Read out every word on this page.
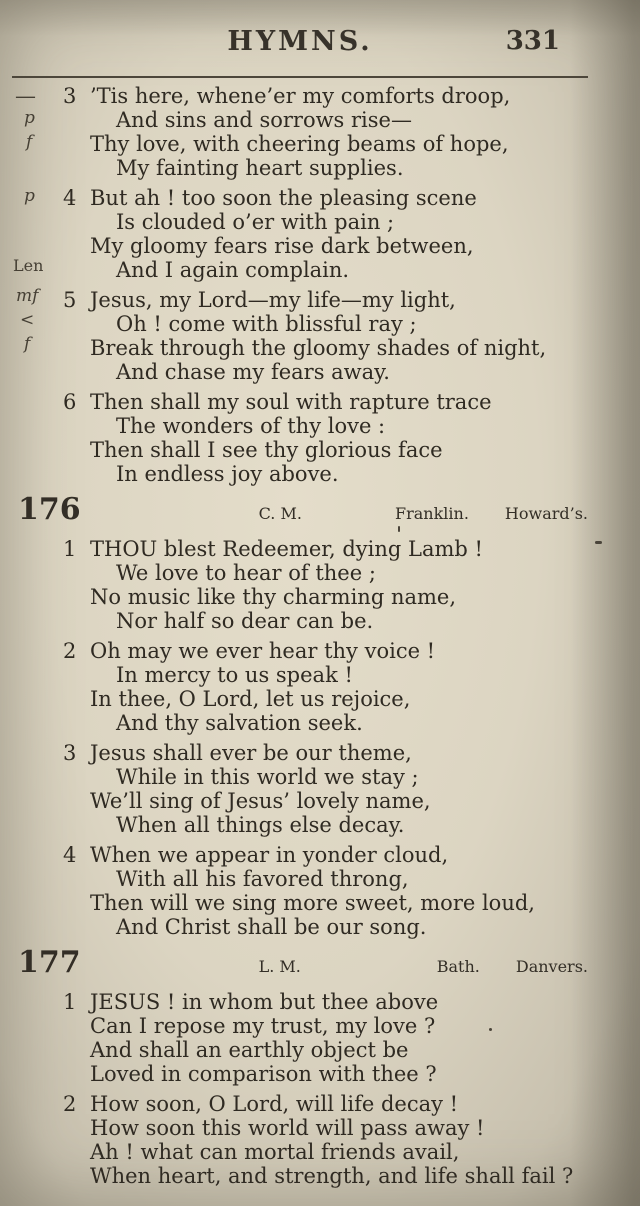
HYMNS.	331
—
p
f
p
Len
mf
<
f
3 ’Tis here, whene’er my comforts droop,
And sins and sorrows rise—
Thy love, with cheering beams of hope,
My fainting heart supplies.
4 But ah ! too soon the pleasing scene
Is clouded o’er with pain ;
My gloomy fears rise dark between,
And I again complain.
5 Jesus, my Lord—my life—my light,
Oh ! come with blissful ray ;
Break through the gloomy shades of night,
And chase my fears away.
6 Then shall my soul with rapture trace
The wonders of thy love :
Then shall I see thy glorious face
In endless joy above.
176	C. M.	Franklin. Howard’s.
1 THOU blest Redeemer, dying Lamb !
We love to hear of thee ;
No music like thy charming name,
Nor half so dear can be.
2 Oh may we ever hear thy voice !
In mercy to us speak !
In thee, O Lord, let us rejoice,
And thy salvation seek.
3 Jesus shall ever be our theme,
While in this world we stay ;
We’ll sing of Jesus’ lovely name,
When all things else decay.
4 When we appear in yonder cloud,
With all his favored throng,
Then will we sing more sweet, more loud,
And Christ shall be our song.
177	L. M.	Bath. Danvers.
1 JESUS ! in whom but thee above
Can I repose my trust, my love ?
And shall an earthly object be
Loved in comparison with thee ?
2 How soon, O Lord, will life decay !
How soon this world will pass away !
Ah ! what can mortal friends avail,
When heart, and strength, and life shall fail ?
